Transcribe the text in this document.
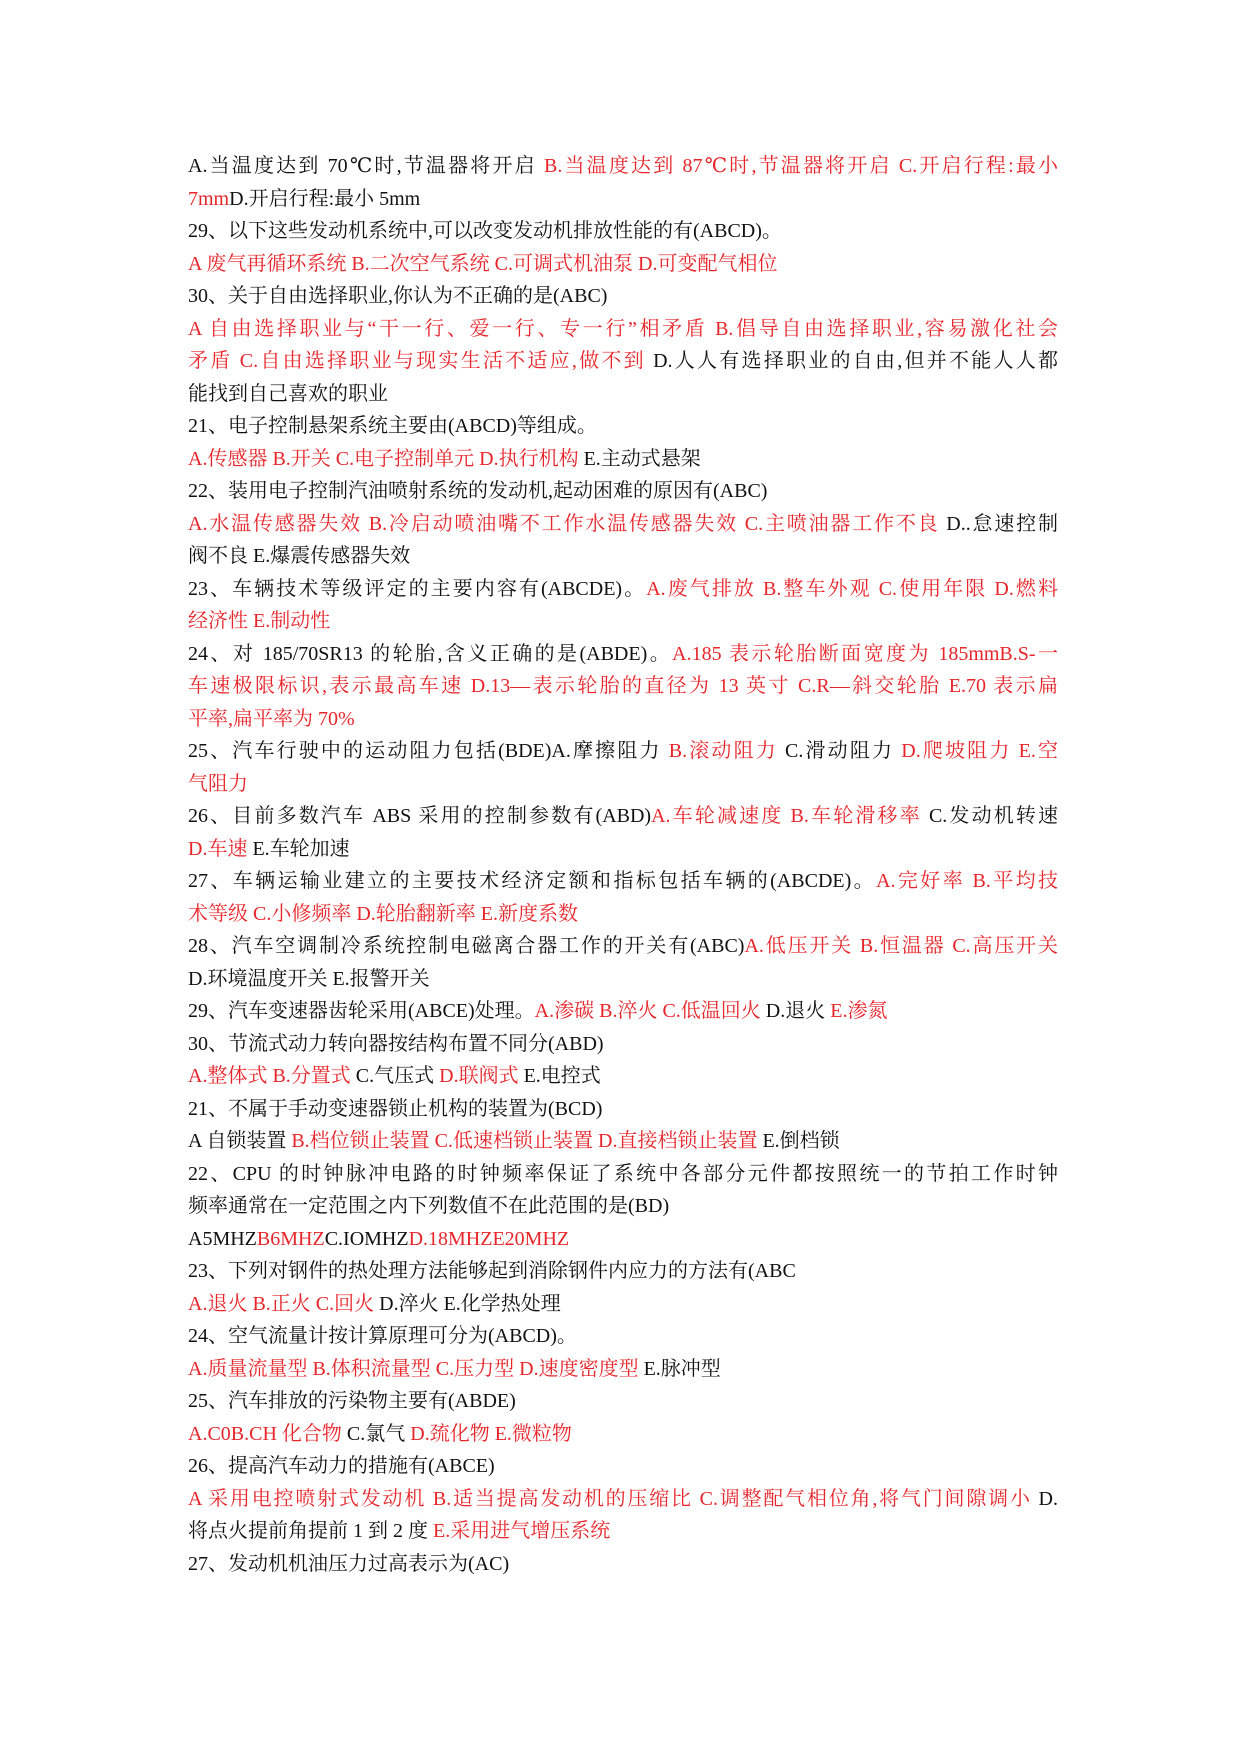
A.当温度达到 70℃时,节温器将开启 B.当温度达到 87℃时,节温器将开启 C.开启行程:最小
7mmD.开启行程:最小 5mm
29、以下这些发动机系统中,可以改变发动机排放性能的有(ABCD)。
A 废气再循环系统 B.二次空气系统 C.可调式机油泵 D.可变配气相位
30、关于自由选择职业,你认为不正确的是(ABC)
A 自由选择职业与“干一行、爱一行、专一行”相矛盾 B.倡导自由选择职业,容易激化社会
矛盾 C.自由选择职业与现实生活不适应,做不到 D.人人有选择职业的自由,但并不能人人都
能找到自己喜欢的职业
21、电子控制悬架系统主要由(ABCD)等组成。
A.传感器 B.开关 C.电子控制单元 D.执行机构 E.主动式悬架
22、装用电子控制汽油喷射系统的发动机,起动困难的原因有(ABC)
A.水温传感器失效 B.冷启动喷油嘴不工作水温传感器失效 C.主喷油器工作不良 D..怠速控制
阀不良 E.爆震传感器失效
23、车辆技术等级评定的主要内容有(ABCDE)。A.废气排放 B.整车外观 C.使用年限 D.燃料
经济性 E.制动性
24、对 185/70SR13 的轮胎,含义正确的是(ABDE)。A.185 表示轮胎断面宽度为 185mmB.S-一
车速极限标识,表示最高车速 D.13—表示轮胎的直径为 13 英寸 C.R—斜交轮胎 E.70 表示扁
平率,扁平率为 70%
25、汽车行驶中的运动阻力包括(BDE)A.摩擦阻力 B.滚动阻力 C.滑动阻力 D.爬坡阻力 E.空
气阻力
26、目前多数汽车 ABS 采用的控制参数有(ABD)A.车轮减速度 B.车轮滑移率 C.发动机转速
D.车速 E.车轮加速
27、车辆运输业建立的主要技术经济定额和指标包括车辆的(ABCDE)。A.完好率 B.平均技
术等级 C.小修频率 D.轮胎翻新率 E.新度系数
28、汽车空调制冷系统控制电磁离合器工作的开关有(ABC)A.低压开关 B.恒温器 C.高压开关
D.环境温度开关 E.报警开关
29、汽车变速器齿轮采用(ABCE)处理。A.渗碳 B.淬火 C.低温回火 D.退火 E.渗氮
30、节流式动力转向器按结构布置不同分(ABD)
A.整体式 B.分置式 C.气压式 D.联阀式 E.电控式
21、不属于手动变速器锁止机构的装置为(BCD)
A 自锁装置 B.档位锁止装置 C.低速档锁止装置 D.直接档锁止装置 E.倒档锁
22、CPU 的时钟脉冲电路的时钟频率保证了系统中各部分元件都按照统一的节拍工作时钟
频率通常在一定范围之内下列数值不在此范围的是(BD)
A5MHZB6MHZC.IOMHZD.18MHZE20MHZ
23、下列对钢件的热处理方法能够起到消除钢件内应力的方法有(ABC
A.退火 B.正火 C.回火 D.淬火 E.化学热处理
24、空气流量计按计算原理可分为(ABCD)。
A.质量流量型 B.体积流量型 C.压力型 D.速度密度型 E.脉冲型
25、汽车排放的污染物主要有(ABDE)
A.C0B.CH 化合物 C.氯气 D.巯化物 E.微粒物
26、提高汽车动力的措施有(ABCE)
A 采用电控喷射式发动机 B.适当提高发动机的压缩比 C.调整配气相位角,将气门间隙调小 D.
将点火提前角提前 1 到 2 度 E.采用进气增压系统
27、发动机机油压力过高表示为(AC)
